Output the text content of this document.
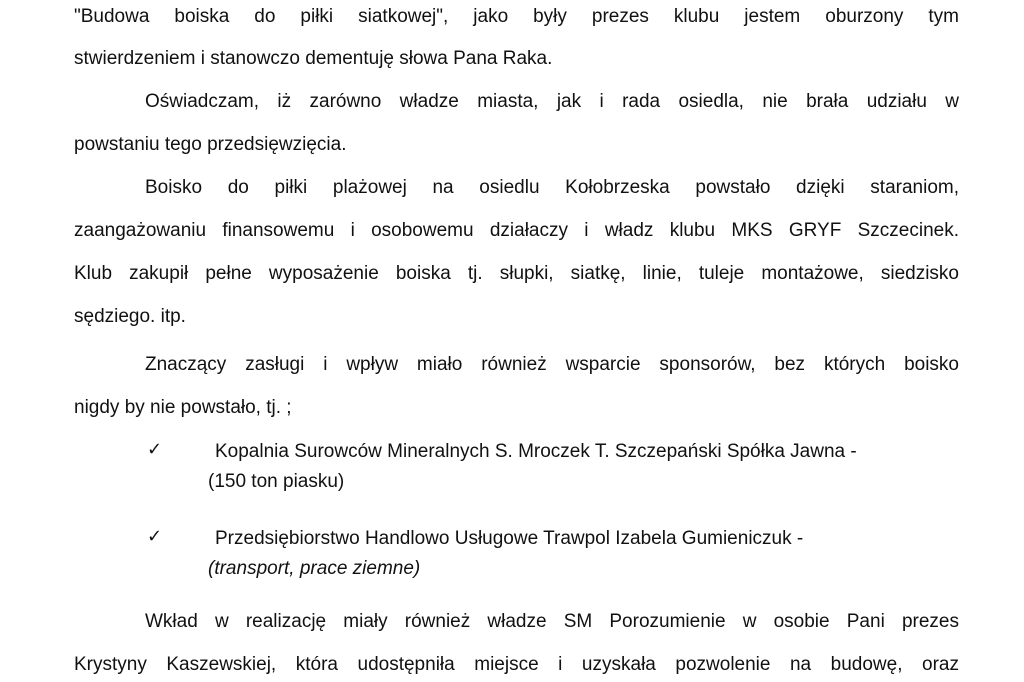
"Budowa boiska do piłki siatkowej", jako były prezes klubu jestem oburzony tym
stwierdzeniem i stanowczo dementuję słowa Pana Raka.
Oświadczam, iż zarówno władze miasta, jak i rada osiedla, nie brała udziału w
powstaniu tego przedsięwzięcia.
Boisko do piłki plażowej na osiedlu Kołobrzeska powstało dzięki staraniom,
zaangażowaniu finansowemu i osobowemu działaczy i władz klubu MKS GRYF Szczecinek.
Klub zakupił pełne wyposażenie boiska tj. słupki, siatkę, linie, tuleje montażowe, siedzisko
sędziego. itp.
Znaczący zasługi i wpływ miało również wsparcie sponsorów, bez których boisko
nigdy by nie powstało, tj. ;
✓	Kopalnia Surowców Mineralnych S. Mroczek T. Szczepański Spółka Jawna -
(150 ton piasku)
✓	Przedsiębiorstwo Handlowo Usługowe Trawpol Izabela Gumieniczuk -
(transport, prace ziemne)
Wkład w realizację miały również władze SM Porozumienie w osobie Pani prezes
Krystyny Kaszewskiej, która udostępniła miejsce i uzyskała pozwolenie na budowę, oraz
